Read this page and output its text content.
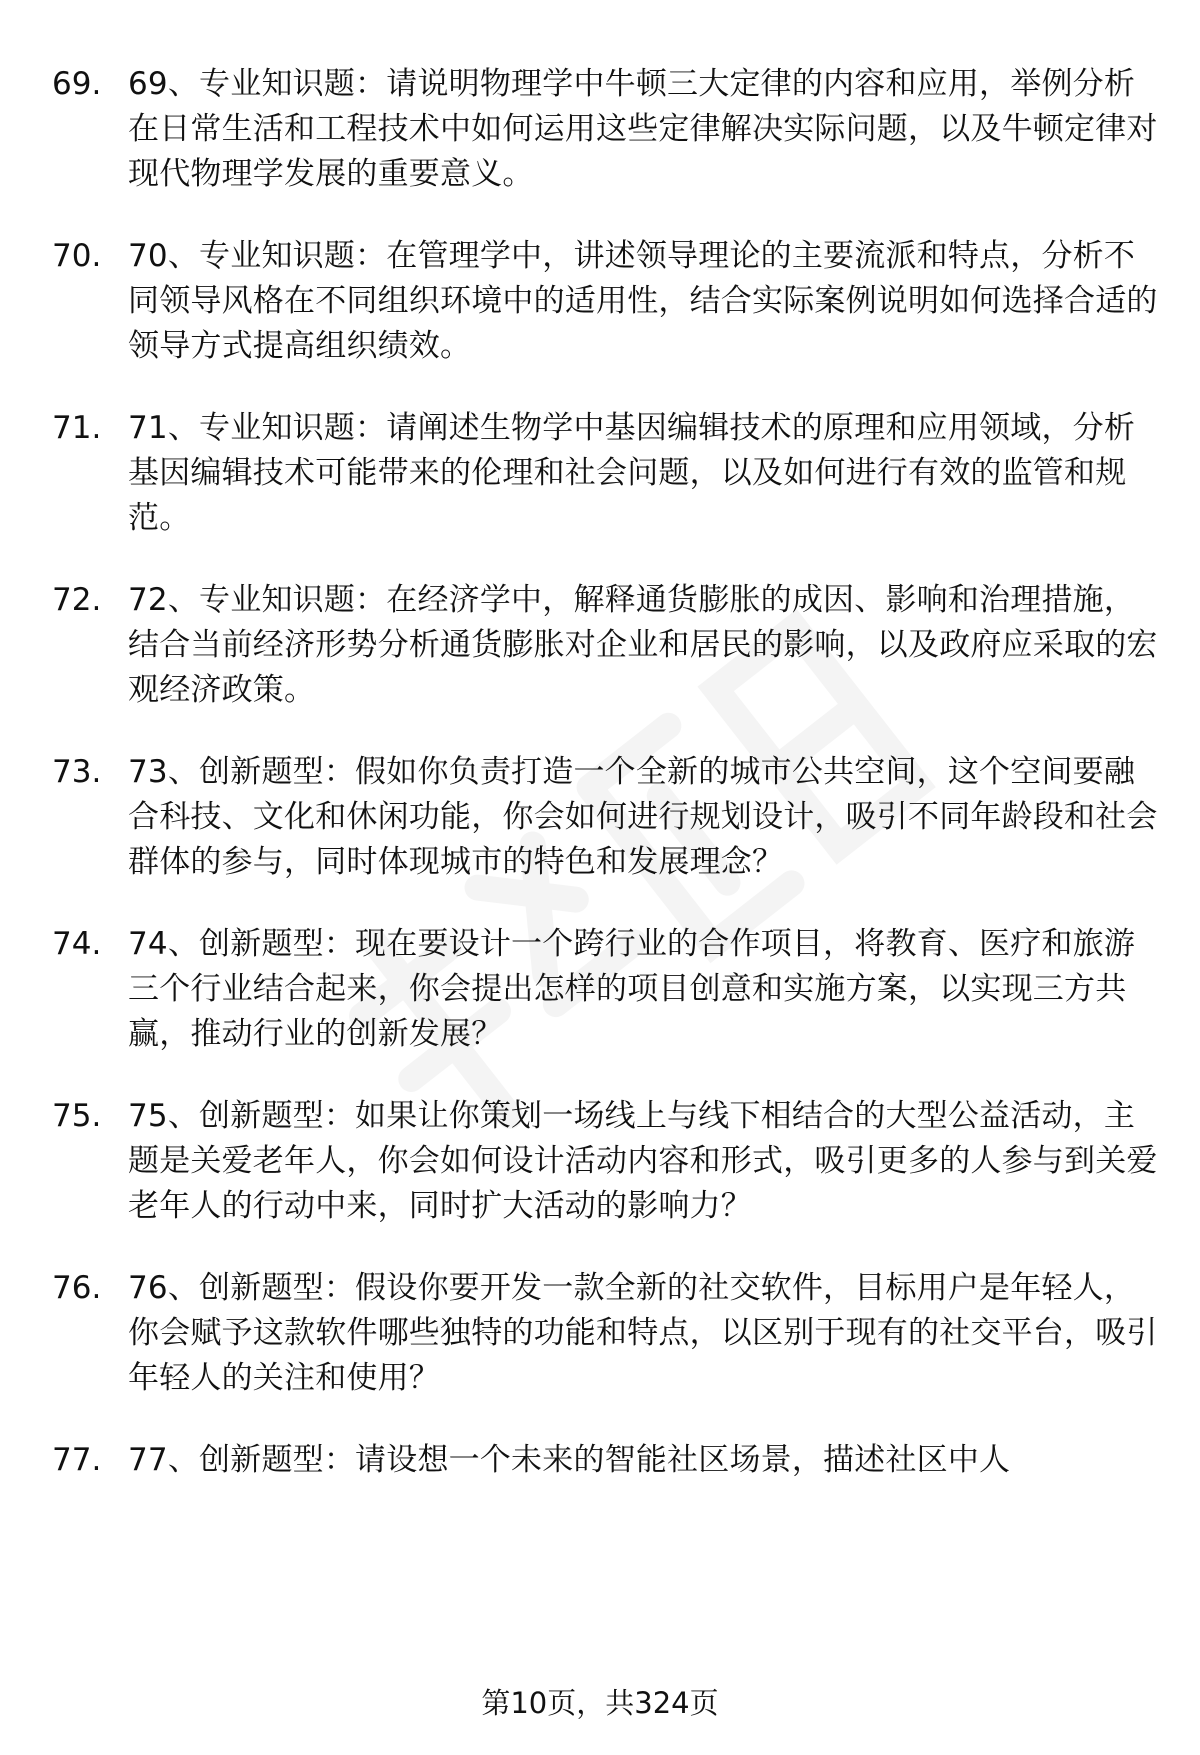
69. 69、专业知识题：请说明物理学中牛顿三大定律的内容和应用，举例分析在日常生活和工程技术中如何运用这些定律解决实际问题，以及牛顿定律对现代物理学发展的重要意义。
70. 70、专业知识题：在管理学中，讲述领导理论的主要流派和特点，分析不同领导风格在不同组织环境中的适用性，结合实际案例说明如何选择合适的领导方式提高组织绩效。
71. 71、专业知识题：请阐述生物学中基因编辑技术的原理和应用领域，分析基因编辑技术可能带来的伦理和社会问题，以及如何进行有效的监管和规范。
72. 72、专业知识题：在经济学中，解释通货膨胀的成因、影响和治理措施，结合当前经济形势分析通货膨胀对企业和居民的影响，以及政府应采取的宏观经济政策。
73. 73、创新题型：假如你负责打造一个全新的城市公共空间，这个空间要融合科技、文化和休闲功能，你会如何进行规划设计，吸引不同年龄段和社会群体的参与，同时体现城市的特色和发展理念？
74. 74、创新题型：现在要设计一个跨行业的合作项目，将教育、医疗和旅游三个行业结合起来，你会提出怎样的项目创意和实施方案，以实现三方共赢，推动行业的创新发展？
75. 75、创新题型：如果让你策划一场线上与线下相结合的大型公益活动，主题是关爱老年人，你会如何设计活动内容和形式，吸引更多的人参与到关爱老年人的行动中来，同时扩大活动的影响力？
76. 76、创新题型：假设你要开发一款全新的社交软件，目标用户是年轻人，你会赋予这款软件哪些独特的功能和特点，以区别于现有的社交平台，吸引年轻人的关注和使用？
77. 77、创新题型：请设想一个未来的智能社区场景，描述社区中人
第10页，共324页
